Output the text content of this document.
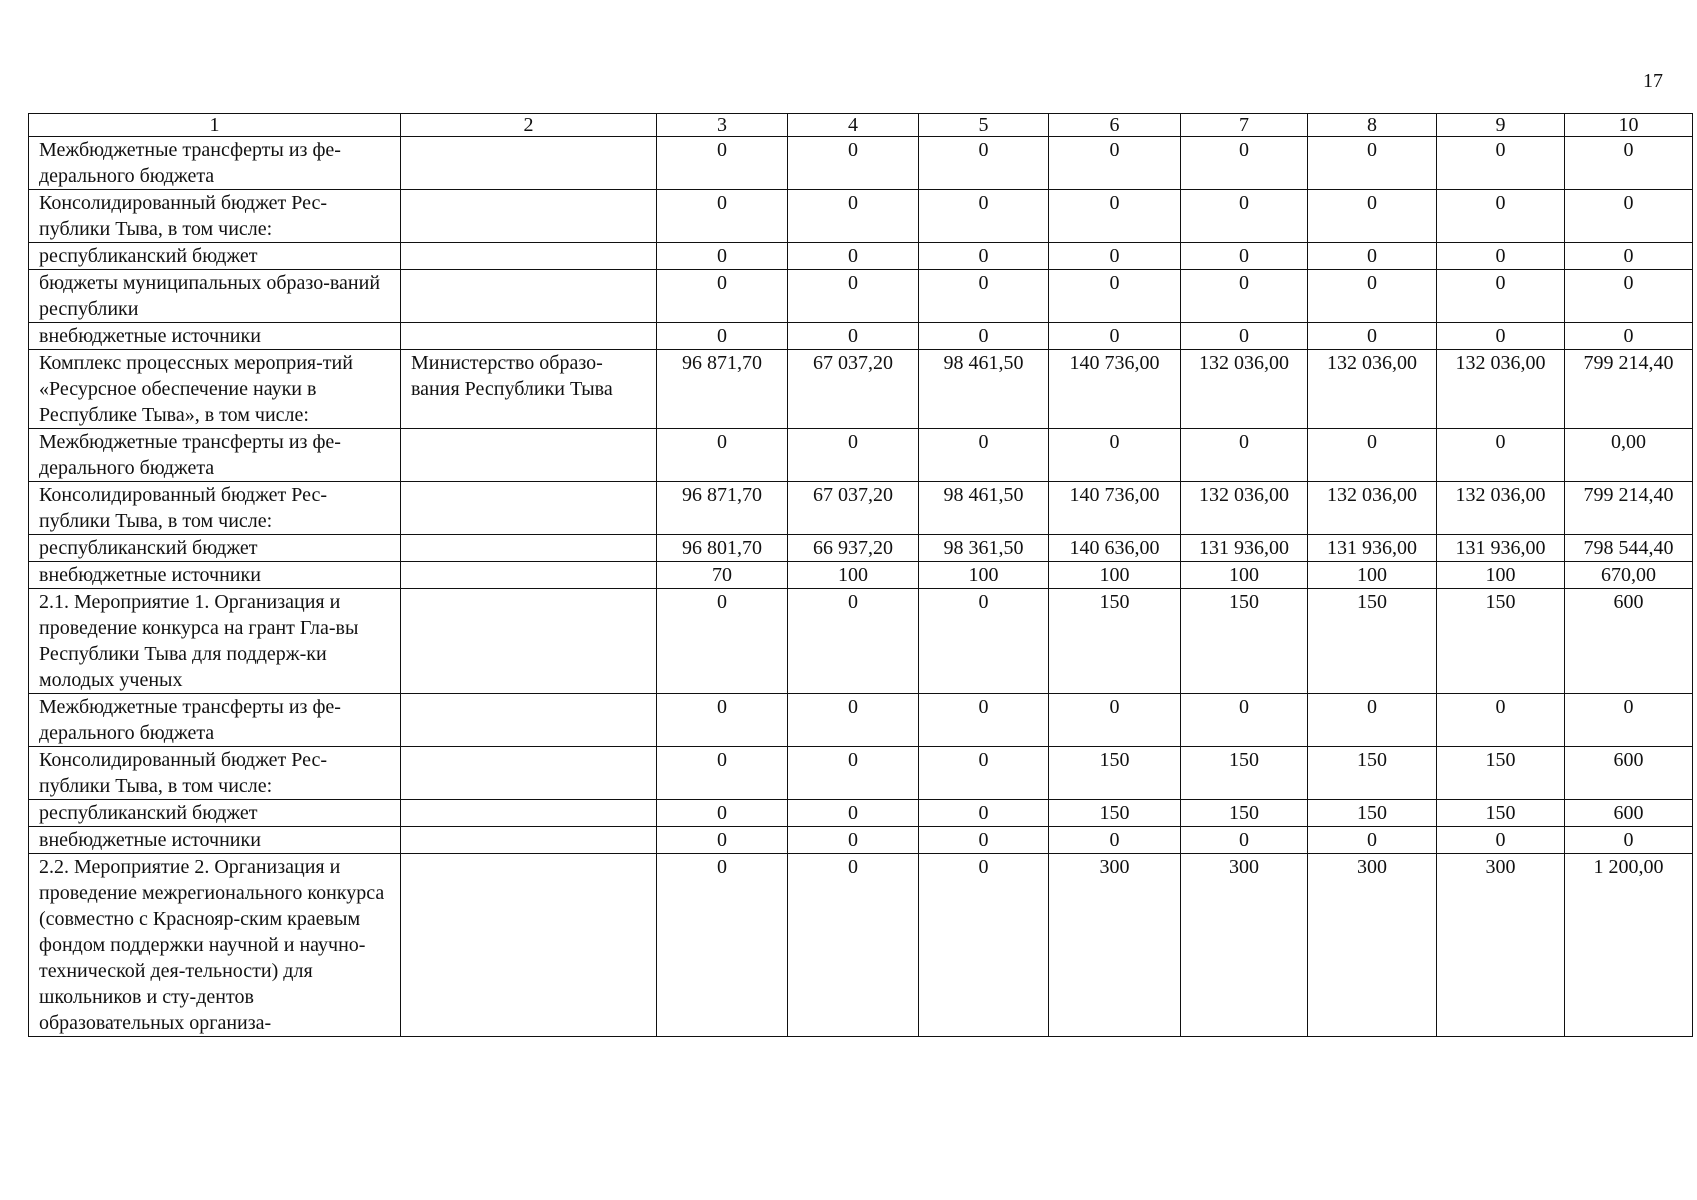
17
1	2	3	4	5	6	7	8	9	10
Межбюджетные трансферты из фе-деральнoго бюджета		0	0	0	0	0	0	0	0
Консолидированный бюджет Рес-публики Тыва, в том числе:		0	0	0	0	0	0	0	0
республиканский бюджет		0	0	0	0	0	0	0	0
бюджеты муниципальных образо-ваний республики		0	0	0	0	0	0	0	0
внебюджетные источники		0	0	0	0	0	0	0	0
Комплекс процессных мероприя-тий «Ресурсное обеспечение науки в Республике Тыва», в том числе:	Министерство образо-вания Республики Тыва	96 871,70	67 037,20	98 461,50	140 736,00	132 036,00	132 036,00	132 036,00	799 214,40
Межбюджетные трансферты из фе-дерального бюджета		0	0	0	0	0	0	0	0,00
Консолидированный бюджет Рес-публики Тыва, в том числе:		96 871,70	67 037,20	98 461,50	140 736,00	132 036,00	132 036,00	132 036,00	799 214,40
республиканский бюджет		96 801,70	66 937,20	98 361,50	140 636,00	131 936,00	131 936,00	131 936,00	798 544,40
внебюджетные источники		70	100	100	100	100	100	100	670,00
2.1. Мероприятие 1. Организация и проведение конкурса на грант Гла-вы Республики Тыва для поддерж-ки молодых ученых		0	0	0	150	150	150	150	600
Межбюджетные трансферты из фе-дерального бюджета		0	0	0	0	0	0	0	0
Консолидированный бюджет Рес-публики Тыва, в том числе:		0	0	0	150	150	150	150	600
республиканский бюджет		0	0	0	150	150	150	150	600
внебюджетные источники		0	0	0	0	0	0	0	0
2.2. Мероприятие 2. Организация и проведение межрегионального конкурса (совместно с Краснояр-ским краевым фондом поддержки научной и научно-технической дея-тельности) для школьников и сту-дентов образовательных организа-		0	0	0	300	300	300	300	1 200,00
